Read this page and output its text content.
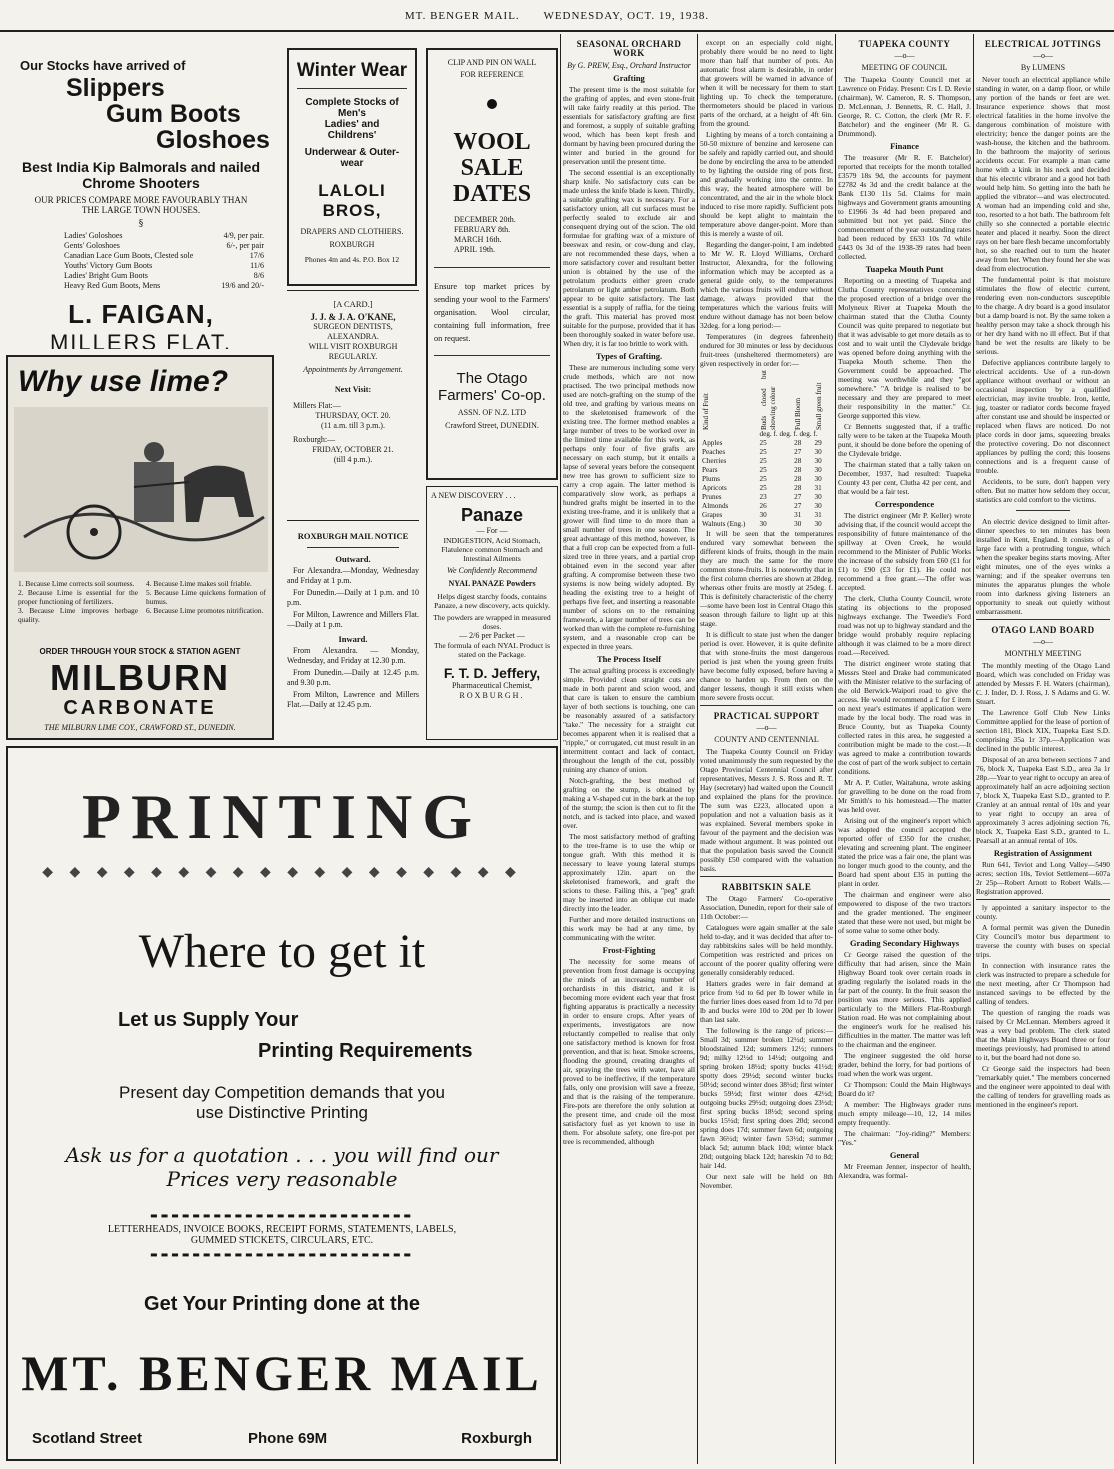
MT. BENGER MAIL. WEDNESDAY, OCT. 19, 1938.
Our Stocks have arrived of
Slippers
Gum Boots
Gloshoes
Best India Kip Balmorals and nailed
Chrome Shooters
OUR PRICES COMPARE MORE FAVOURABLY THAN THE LARGE TOWN HOUSES.
§
Ladies' Goloshoes	4/9, per pair.
Gents' Goloshoes	6/-, per pair
Canadian Lace Gum Boots, Clested sole	17/6
Youths' Victory Gum Boots	11/6
Ladies' Bright Gum Boots	8/6
Heavy Red Gum Boots, Mens	19/6 and 20/-
L. FAIGAN,
MILLERS FLAT.
Why use lime?
1. Because Lime corrects soil sourness.
2. Because Lime is essential for the proper functioning of fertilizers.
3. Because Lime improves herbage quality.
4. Because Lime makes soil friable.
5. Because Lime quickens formation of humus.
6. Because Lime promotes nitrification.
ORDER THROUGH YOUR STOCK & STATION AGENT
MILBURN
CARBONATE
THE MILBURN LIME COY., CRAWFORD ST., DUNEDIN.
Winter Wear
Complete Stocks of
Men's
Ladies' and
Childrens'
Underwear & Outer-
wear
LALOLI BROS,
DRAPERS AND CLOTHIERS.
ROXBURGH
Phones 4m and 4s. P.O. Box 12
[A CARD.]
J. J. & J. A. O'KANE,
SURGEON DENTISTS,
ALEXANDRA.
WILL VISIT ROXBURGH
REGULARLY.
Appointments by Arrangement.
Next Visit:
Millers Flat:—
THURSDAY, OCT. 20.
(11 a.m. till 3 p.m.).
Roxburgh:—
FRIDAY, OCTOBER 21.
(till 4 p.m.).
ROXBURGH MAIL NOTICE
Outward.

For Alexandra.—Monday, Wednesday and Friday at 1 p.m.

For Dunedin.—Daily at 1 p.m. and 10 p.m.

For Milton, Lawrence and Millers Flat.—Daily at 1 p.m.

Inward.

From Alexandra. — Monday, Wednesday, and Friday at 12.30 p.m.

From Dunedin.—Daily at 12.45 p.m. and 9.30 p.m.

From Milton, Lawrence and Millers Flat.—Daily at 12.45 p.m.

CLIP AND PIN ON WALL
FOR REFERENCE
WOOL
SALE
DATES
DECEMBER 20th.
FEBRUARY 8th.
MARCH 16th.
APRIL 19th.
Ensure top market prices by sending your wool to the Farmers' organisation. Wool circular, containing full information, free on request.
The Otago
Farmers' Co-op.
ASSN. OF N.Z. LTD
Crawford Street, DUNEDIN.
A NEW DISCOVERY . . .
Panaze
— For —
INDIGESTION, Acid Stomach, Flatulence common Stomach and Intestinal Ailments
We Confidently Recommend
NYAL PANAZE Powders
Helps digest starchy foods, contains Panaze, a new discovery, acts quickly.
The powders are wrapped in measured doses.
— 2/6 per Packet —
The formula of each NYAL Product is stated on the Package.
F. T. D. Jeffery,
Pharmaceutical Chemist,
ROXBURGH.
PRINTING
◆ ◆ ◆ ◆ ◆ ◆ ◆ ◆ ◆ ◆ ◆ ◆ ◆ ◆ ◆ ◆ ◆ ◆
Where to get it
Let us Supply Your
Printing Requirements
Present day Competition demands that you
use Distinctive Printing
Ask us for a quotation . . . you will find our
Prices very reasonable
▬▬▬▬▬▬▬▬▬▬▬▬▬▬▬▬▬▬▬▬▬▬▬▬▬
LETTERHEADS, INVOICE BOOKS, RECEIPT FORMS, STATEMENTS, LABELS, GUMMED STICKETS, CIRCULARS, ETC.
▬▬▬▬▬▬▬▬▬▬▬▬▬▬▬▬▬▬▬▬▬▬▬▬▬
Get Your Printing done at the
MT. BENGER MAIL
Scotland Street	Phone 69M	Roxburgh
SEASONAL ORCHARD WORK
By G. PREW, Esq., Orchard Instructor
Grafting

The present time is the most suitable for the grafting of apples, and even stone-fruit will take fairly readily at this period. The essentials for satisfactory grafting are first and foremost, a supply of suitable grafting wood, which has been kept fresh and dormant by having been procured during the winter and buried in the ground for preservation until the present time.

The second essential is an exceptionally sharp knife. No satisfactory cuts can be made unless the knife blade is keen. Thirdly, a suitable grafting wax is necessary. For a satisfactory union, all cut surfaces must be perfectly sealed to exclude air and consequent drying out of the scion. The old formulae for grafting wax of a mixture of beeswax and resin, or cow-dung and clay, are not recommended these days, when a more satisfactory cover and resultant better union is obtained by the use of the petrolatum products either green crude petrolatum or light amber petrolatum. Both appear to be quite satisfactory. The last essential is a supply of raffia, for the tieing the graft. This material has proved most suitable for the purpose, provided that it has been thoroughly soaked in water before use. When dry, it is far too brittle to work with.

Types of Grafting.

These are numerous including some very crude methods, which are not now practised. The two principal methods now used are notch-grafting on the stump of the old tree, and grafting by various means on to the skeletonised framework of the existing tree. The former method enables a large number of trees to be worked over in the limited time available for this work, as perhaps only four of five grafts are necessary on each stump, but it entails a lapse of several years before the consequent new tree has grown to sufficient size to carry a crop again. The latter method is comparatively slow work, as perhaps a hundred grafts might be inserted in to the existing tree-frame, and it is unlikely that a grower will find time to do more than a small number of trees in one season. The great advantage of this method, however, is that a full crop can be expected from a full-sized tree in three years, and a partial crop obtained even in the second year after grafting. A compromise between these two systems is now being widely adopted. By heading the existing tree to a height of perhaps five feet, and inserting a reasonable number of scions on to the remaining framework, a larger number of trees can be worked than with the complete re-furnishing system, and a reasonable crop can be expected in three years.

The Process Itself

The actual grafting process is exceedingly simple. Provided clean straight cuts are made in both parent and scion wood, and that care is taken to ensure the cambium layer of both sections is touching, one can be reasonably assured of a satisfactory "take." The necessity for a straight cut becomes apparent when it is realised that a "ripple," or corrugated, cut must result in an intermittent contact and lack of contact, throughout the length of the cut, possibly ruining any chance of union.

Notch-grafting, the best method of grafting on the stump, is obtained by making a V-shaped cut in the bark at the top of the stump; the scion is then cut to fit the notch, and is tacked into place, and waxed over.

The most satisfactory method of grafting to the tree-frame is to use the whip or tongue graft. With this method it is necessary to leave young lateral stumps approximately 12in. apart on the skeletonised framework, and graft the scions to these. Failing this, a "peg" graft may be inserted into an oblique cut made directly into the leader.

Further and more detailed instructions on this work may be had at any time, by communicating with the writer.

Frost-Fighting

The necessity for some means of prevention from frost damage is occupying the minds of an increasing number of orchardists in this district, and it is becoming more evident each year that frost fighting apparatus is practically a necessity in order to ensure crops. After years of experiments, investigators are now reluctantly compelled to realise that only one satisfactory method is known for frost prevention, and that is: heat. Smoke screens, flooding the ground, creating draughts of air, spraying the trees with water, have all proved to be ineffective, if the temperature falls, only one provision will save a freeze, and that is the raising of the temperature. Fire-pots are therefore the only solution at the present time, and crude oil the most satisfactory fuel as yet known to use in them. For absolute safety, one fire-pot per tree is recommended, although

except on an especially cold night, probably there would be no need to light more than half that number of pots. An automatic frost alarm is desirable, in order that growers will be warned in advance of when it will be necessary for them to start lighting up. To check the temperature, thermometers should be placed in various parts of the orchard, at a height of 4ft 6in. from the ground.

Lighting by means of a torch containing a 50-50 mixture of benzine and kerosene can be safely and rapidly carried out, and should be done by encircling the area to be attended to by lighting the outside ring of pots first, and gradually working into the centre. In this way, the heated atmosphere will be concentrated, and the air in the whole block induced to rise more rapidly. Sufficient pots should be kept alight to maintain the temperature above danger-point. More than this is merely a waste of oil.

Regarding the danger-point, I am indebted to Mr W. R. Lloyd Williams, Orchard Instructor, Alexandra, for the following information which may be accepted as a general guide only, to the temperatures which the various fruits will endure without damage, always provided that the temperatures which the various fruits will endure without damage has not been below 32deg. for a long period:—

Temperatures (in degrees fahrenheit) endured for 30 minutes or less by deciduous fruit-trees (unsheltered thermometers) are given respectively in order for:—

Kind of Fruit	Buds closed but showing colour	Full Bloom	Small green fruit

	deg. f. deg. f. deg. f.		
Apples	25	28	29
Peaches	25	27	30
Cherries	25	28	30
Pears	25	28	30
Plums	25	28	30
Apricots	25	28	31
Prunes	23	27	30
Almonds	26	27	30
Grapes	30	31	31
Walnuts (Eng.)	30	30	30

It will be seen that the temperatures endured vary somewhat between the different kinds of fruits, though in the main they are much the same for the more common stone-fruits. It is noteworthy that in the first column cherries are shown at 28deg. whereas other fruits are mostly at 25deg. f. This is definitely characteristic of the cherry—some have been lost in Central Otago this season through failure to light up at this stage.

It is difficult to state just when the danger period is over. However, it is quite definite that with stone-fruits the most dangerous period is just when the young green fruits have become fully exposed, before having a chance to harden up. From then on the danger lessens, though it still exists when more severe frosts occur.

PRACTICAL SUPPORT
—o—
COUNTY AND CENTENNIAL

The Tuapeka County Council on Friday voted unanimously the sum requested by the Otago Provincial Centennial Council after representatives, Messrs J. S. Ross and R. T. Hay (secretary) had waited upon the Council and explained the plans for the province. The sum was £223, allocated upon a population and not a valuation basis as it was explained. Several members spoke in favour of the payment and the decision was made without argument. It was pointed out that the population basis saved the Council possibly £50 compared with the valuation basis.

RABBITSKIN SALE

The Otago Farmers' Co-operative Association, Dunedin, report for their sale of 11th October:—

Catalogues were again smaller at the sale held to-day, and it was decided that after to-day rabbitskins sales will be held monthly. Competition was restricted and prices on account of the poorer quality offering were generally considerably reduced.

Hatters grades were in fair demand at price from ½d to 6d per lb lower while in the furrier lines does eased from 1d to 7d per lb and bucks were 10d to 20d per lb lower than last sale.

The following is the range of prices:—Small 3d; summer broken 12½d; summer bloodstained 12d; summers 12½; runners 9d; milky 12½d to 14½d; outgoing and spring broken 18½d; spotty bucks 41½d; spotty does 29½d; second winter bucks 50½d; second winter does 38½d; first winter bucks 59½d; first winter does 42½d; outgoing bucks 29½d; outgoing does 23½d; first spring bucks 18½d; second spring bucks 15½d; first spring does 20d; second spring does 17d; summer fawn 6d; outgoing fawn 36½d; winter fawn 53½d; summer black 5d; autumn black 10d; winter black 20d; outgoing black 12d; hareskin 7d to 8d; hair 14d.

Our next sale will be held on 8th November.

TUAPEKA COUNTY
—o—
MEETING OF COUNCIL

The Tuapeka County Council met at Lawrence on Friday. Present: Crs I. D. Revie (chairman), W. Cameron, R. S. Thompson, D. McLennan, J. Bennetts, R. C. Hall, J. George, R. C. Cotton, the clerk (Mr R. F. Batchelor) and the engineer (Mr R. G. Drummond).

Finance

The treasurer (Mr R. F. Batchelor) reported that receipts for the month totalled £3579 18s 9d, the accounts for payment £2782 4s 3d and the credit balance at the Bank £130 11s 5d. Claims for main highways and Government grants amounting to £1966 3s 4d had been prepared and submitted but not yet paid. Since the commencement of the year outstanding rates had been reduced by £633 10s 7d while £443 0s 3d of the 1938-39 rates had been collected.

Tuapeka Mouth Punt

Reporting on a meeting of Tuapeka and Clutha County representatives concerning the proposed erection of a bridge over the Molyneux River at Tuapeka Mouth the chairman stated that the Clutha County Council was quite prepared to negotiate but that it was advisable to get more details as to cost and to wait until the Clydevale bridge was opened before doing anything with the Tuapeka Mouth scheme. Then the Government could be approached. The meeting was worthwhile and they "got somewhere." "A bridge is realised to be necessary and they are prepared to meet their responsibility in the matter." Cr. George supported this view.

Cr Bennetts suggested that, if a traffic tally were to be taken at the Tuapeka Mouth punt, it should be done before the opening of the Clydevale bridge.

The chairman stated that a tally taken on December, 1937, had resulted: Tuapeka County 43 per cent, Clutha 42 per cent, and that would be a fair test.

Correspondence

The district engineer (Mr P. Keller) wrote advising that, if the council would accept the responsibility of future maintenance of the spillway at Oven Creek, he would recommend to the Minister of Public Works the increase of the subsidy from £60 (£1 for £1) to £90 (£3 for £1). He could not recommend a free grant.—The offer was accepted.

The clerk, Clutha County Council, wrote stating its objections to the proposed highways exchange. The Tweedie's Ford road was not up to highway standard and the bridge would probably require replacing although it was claimed to be a more direct road.—Received.

The district engineer wrote stating that Messrs Steel and Drake had communicated with the Minister relative to the surfacing of the old Berwick-Waipori road to give the access. He would recommend a £ for £ item on next year's estimates if application were made by the local body. The road was in Bruce County, but as Tuapeka County collected rates in this area, he suggested a contribution might be made to the cost.—It was agreed to make a contribution towards the cost of part of the work subject to certain conditions.

Mr A. P. Cutler, Waitahuna, wrote asking for gravelling to be done on the road from Mr Smith's to his homestead.—The matter was held over.

Arising out of the engineer's report which was adopted the council accepted the reported offer of £350 for the crusher, elevating and screening plant. The engineer stated the price was a fair one, the plant was no longer much good to the county, and the Board had spent about £35 in putting the plant in order.

The chairman and engineer were also empowered to dispose of the two tractors and the grader mentioned. The engineer stated that these were not used, but might be of some value to some other body.

Grading Secondary Highways

Cr George raised the question of the difficulty that had arisen, since the Main Highway Board took over certain roads in grading regularly the isolated roads in the far part of the county. In the fruit season the position was more serious. This applied particularly to the Millers Flat-Roxburgh Station road. He was not complaining about the engineer's work for he realised his difficulties in the matter. The matter was left to the chairman and the engineer.

The engineer suggested the old horse grader, behind the lorry, for bad portions of road when the work was urgent.

Cr Thompson: Could the Main Highways Board do it?

A member: The Highways grader runs much empty mileage—10, 12, 14 miles empty frequently.

The chairman: "Joy-riding?" Members: "Yes."

General

Mr Freeman Jenner, inspector of health, Alexandra, was formal-

ELECTRICAL JOTTINGS
—o—
By LUMENS

Never touch an electrical appliance while standing in water, on a damp floor, or while any portion of the hands or feet are wet. Insurance experience shows that most electrical fatalities in the home involve the dangerous combination of moisture with electricity; hence the danger points are the wash-house, the kitchen and the bathroom. In the bathroom the majority of serious accidents occur. For example a man came home with a kink in his neck and decided that his electric vibrator and a good hot bath would help him. So getting into the bath he applied the vibrator—and was electrocuted. A woman had an impending cold and she, too, resorted to a hot bath. The bathroom felt chilly so she connected a portable electric heater and placed it nearby. Soon the direct rays on her bare flesh became uncomfortably hot, so she reached out to turn the heater away from her. When they found her she was dead from electrocution.

The fundamental point is that moisture stimulates the flow of electric current, rendering even non-conductors susceptible to the charge. A dry board is a good insulator but a damp board is not. By the same token a healthy person may take a shock through his or her dry hand with no ill effect. But if that hand be wet the results are likely to be serious.

Defective appliances contribute largely to electrical accidents. Use of a run-down appliance without overhaul or without an occasional inspection by a qualified electrician, may invite trouble. Iron, kettle, jug, toaster or radiator cords become frayed after constant use and should be inspected or replaced when flaws are noticed. Do not place cords in door jams, squeezing breaks the protective covering. Do not disconnect appliances by pulling the cord; this loosens connections and is a frequent cause of trouble.

Accidents, to be sure, don't happen very often. But no matter how seldom they occur, statistics are cold comfort to the victims.

An electric device designed to limit after-dinner speeches to ten minutes has been installed in Kent, England. It consists of a large face with a protruding tongue, which when the speaker begins starts moving. After eight minutes, one of the eyes winks a warning; and if the speaker overruns ten minutes the apparatus plunges the whole room into darkness giving listeners an opportunity to sneak out quietly without embarrassment.

OTAGO LAND BOARD
—o—
MONTHLY MEETING

The monthly meeting of the Otago Land Board, which was concluded on Friday was attended by Messrs F. H. Waters (chairman), C. J. Inder, D. J. Ross, J. S Adams and G. W. Stuart.

The Lawrence Golf Club New Links Committee applied for the lease of portion of section 181, Block XIX, Tuapeka East S.D. comprising 35a 1r 37p.—Application was declined in the public interest.

Disposal of an area between sections 7 and 76, block X, Tuapeka East S.D., area 3a 1r 28p.—Year to year right to occupy an area of approximately half an acre adjoining section 7, block X, Tuapeka East S.D., granted to P. Cranley at an annual rental of 10s and year to year right to occupy an area of approximately 3 acres adjoining section 76, block X, Tuapeka East S.D., granted to L. Pearsall at an annual rental of 10s.

Registration of Assignment

Run 641, Teviot and Long Valley—5490 acres; section 10s, Teviot Settlement—607a 2r 25p—Robert Arnott to Robert Walls.—Registration approved.

ly appointed a sanitary inspector to the county.

A formal permit was given the Dunedin City Council's motor bus department to traverse the county with buses on special trips.

In connection with insurance rates the clerk was instructed to prepare a schedule for the next meeting, after Cr Thompson had instanced savings to be effected by the calling of tenders.

The question of ranging the roads was raised by Cr McLennan. Members agreed it was a very bad problem. The clerk stated that the Main Highways Board three or four meetings previously, had promised to attend to it, but the board had not done so.

Cr George said the inspectors had been "remarkably quiet." The members concerned and the engineer were appointed to deal with the calling of tenders for gravelling roads as mentioned in the engineer's report.
